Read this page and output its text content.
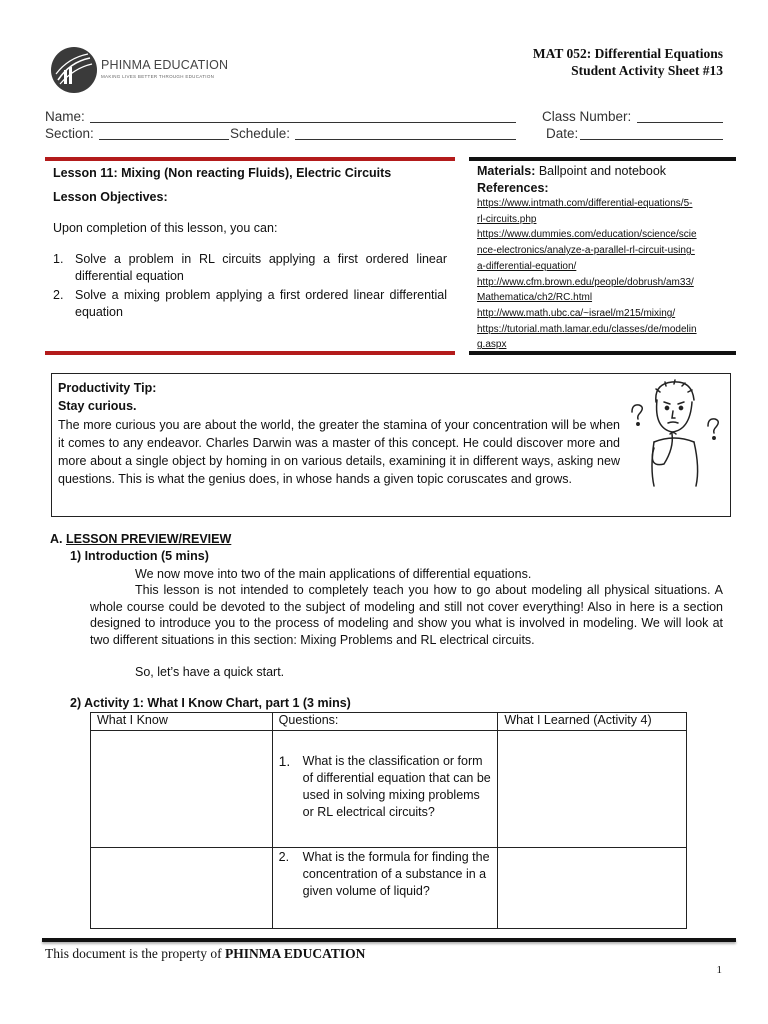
PHINMA EDUCATION
MAKING LIVES BETTER THROUGH EDUCATION
MAT 052: Differential Equations
Student Activity Sheet #13
Name:	Class Number:
Section:	Schedule:	Date:
Lesson 11: Mixing (Non reacting Fluids), Electric Circuits
Lesson Objectives:
Upon completion of this lesson, you can:
1. Solve a problem in RL circuits applying a first ordered linear differential equation
2. Solve a mixing problem applying a first ordered linear differential equation
Materials: Ballpoint and notebook
References:
https://www.intmath.com/differential-equations/5-
rl-circuits.php
https://www.dummies.com/education/science/scie
nce-electronics/analyze-a-parallel-rl-circuit-using-
a-differential-equation/
http://www.cfm.brown.edu/people/dobrush/am33/
Mathematica/ch2/RC.html
http://www.math.ubc.ca/~israel/m215/mixing/
https://tutorial.math.lamar.edu/classes/de/modelin
g.aspx
Productivity Tip:
Stay curious.
The more curious you are about the world, the greater the stamina of your concentration will be when it comes to any endeavor. Charles Darwin was a master of this concept. He could discover more and more about a single object by homing in on various details, examining it in different ways, asking new questions. This is what the genius does, in whose hands a given topic coruscates and grows.
A. LESSON PREVIEW/REVIEW
1) Introduction (5 mins)
We now move into two of the main applications of differential equations.
This lesson is not intended to completely teach you how to go about modeling all physical situations. A whole course could be devoted to the subject of modeling and still not cover everything! Also in here is a section designed to introduce you to the process of modeling and show you what is involved in modeling. We will look at two different situations in this section: Mixing Problems and RL electrical circuits.
So, let’s have a quick start.
2) Activity 1: What I Know Chart, part 1 (3 mins)
What I Know	Questions:	What I Learned (Activity 4)

	1. What is the classification or form of differential equation that can be used in solving mixing problems or RL electrical circuits?	

	2. What is the formula for finding the concentration of a substance in a given volume of liquid?	

This document is the property of PHINMA EDUCATION
1
